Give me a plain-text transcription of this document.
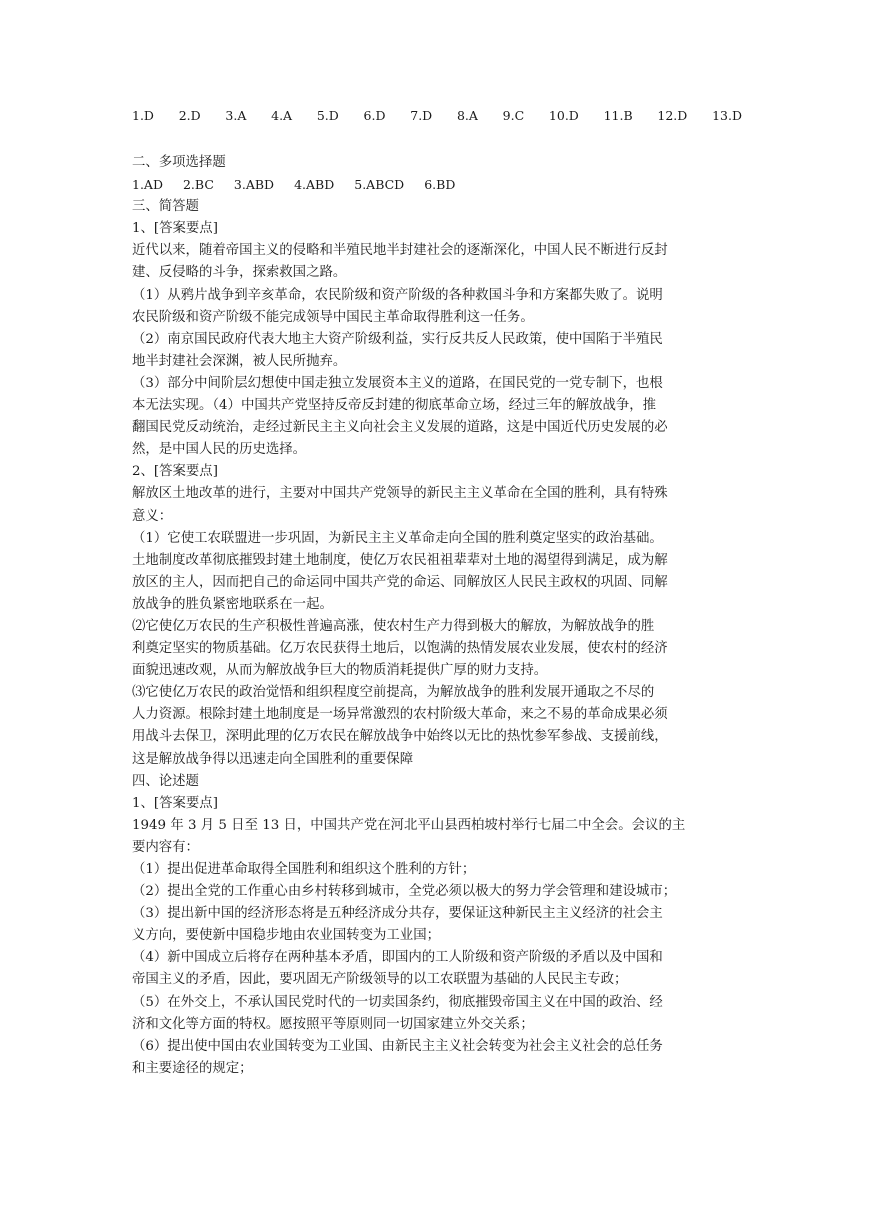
1.D 2.D 3.A 4.A 5.D 6.D 7.D 8.A 9.C 10.D 11.B 12.D 13.D
二、多项选择题
1.AD 2.BC 3.ABD 4.ABD 5.ABCD 6.BD
三、简答题
1、[答案要点]
近代以来，随着帝国主义的侵略和半殖民地半封建社会的逐渐深化，中国人民不断进行反封
建、反侵略的斗争，探索救国之路。
（1）从鸦片战争到辛亥革命，农民阶级和资产阶级的各种救国斗争和方案都失败了。说明
农民阶级和资产阶级不能完成领导中国民主革命取得胜利这一任务。
（2）南京国民政府代表大地主大资产阶级利益，实行反共反人民政策，使中国陷于半殖民
地半封建社会深渊，被人民所抛弃。
（3）部分中间阶层幻想使中国走独立发展资本主义的道路，在国民党的一党专制下，也根
本无法实现。（4）中国共产党坚持反帝反封建的彻底革命立场，经过三年的解放战争，推
翻国民党反动统治，走经过新民主主义向社会主义发展的道路，这是中国近代历史发展的必
然，是中国人民的历史选择。
2、[答案要点]
解放区土地改革的进行，主要对中国共产党领导的新民主主义革命在全国的胜利，具有特殊
意义：
（1）它使工农联盟进一步巩固，为新民主主义革命走向全国的胜利奠定坚实的政治基础。
土地制度改革彻底摧毁封建土地制度，使亿万农民祖祖辈辈对土地的渴望得到满足，成为解
放区的主人，因而把自己的命运同中国共产党的命运、同解放区人民民主政权的巩固、同解
放战争的胜负紧密地联系在一起。
⑵它使亿万农民的生产积极性普遍高涨，使农村生产力得到极大的解放，为解放战争的胜
利奠定坚实的物质基础。亿万农民获得土地后，以饱满的热情发展农业发展，使农村的经济
面貌迅速改观，从而为解放战争巨大的物质消耗提供广厚的财力支持。
⑶它使亿万农民的政治觉悟和组织程度空前提高，为解放战争的胜利发展开通取之不尽的
人力资源。根除封建土地制度是一场异常激烈的农村阶级大革命，来之不易的革命成果必须
用战斗去保卫，深明此理的亿万农民在解放战争中始终以无比的热忱参军参战、支援前线，
这是解放战争得以迅速走向全国胜利的重要保障
四、论述题
1、[答案要点]
1949 年 3 月 5 日至 13 日，中国共产党在河北平山县西柏坡村举行七届二中全会。会议的主
要内容有：
（1）提出促进革命取得全国胜利和组织这个胜利的方针；
（2）提出全党的工作重心由乡村转移到城市，全党必须以极大的努力学会管理和建设城市；
（3）提出新中国的经济形态将是五种经济成分共存，要保证这种新民主主义经济的社会主
义方向，要使新中国稳步地由农业国转变为工业国；
（4）新中国成立后将存在两种基本矛盾，即国内的工人阶级和资产阶级的矛盾以及中国和
帝国主义的矛盾，因此，要巩固无产阶级领导的以工农联盟为基础的人民民主专政；
（5）在外交上，不承认国民党时代的一切卖国条约，彻底摧毁帝国主义在中国的政治、经
济和文化等方面的特权。愿按照平等原则同一切国家建立外交关系；
（6）提出使中国由农业国转变为工业国、由新民主主义社会转变为社会主义社会的总任务
和主要途径的规定；
